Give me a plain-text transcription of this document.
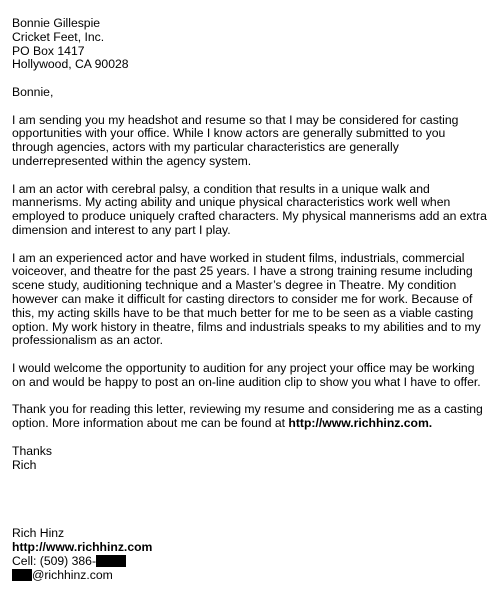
Bonnie Gillespie
Cricket Feet, Inc.
PO Box 1417
Hollywood, CA 90028
Bonnie,
I am sending you my headshot and resume so that I may be considered for casting
opportunities with your office. While I know actors are generally submitted to you
through agencies, actors with my particular characteristics are generally
underrepresented within the agency system.
I am an actor with cerebral palsy, a condition that results in a unique walk and
mannerisms. My acting ability and unique physical characteristics work well when
employed to produce uniquely crafted characters. My physical mannerisms add an extra
dimension and interest to any part I play.
I am an experienced actor and have worked in student films, industrials, commercial
voiceover, and theatre for the past 25 years. I have a strong training resume including
scene study, auditioning technique and a Master’s degree in Theatre. My condition
however can make it difficult for casting directors to consider me for work. Because of
this, my acting skills have to be that much better for me to be seen as a viable casting
option. My work history in theatre, films and industrials speaks to my abilities and to my
professionalism as an actor.
I would welcome the opportunity to audition for any project your office may be working
on and would be happy to post an on-line audition clip to show you what I have to offer.
Thank you for reading this letter, reviewing my resume and considering me as a casting
option. More information about me can be found at http://www.richhinz.com.
Thanks
Rich
Rich Hinz
http://www.richhinz.com
Cell: (509) 386-
@richhinz.com
